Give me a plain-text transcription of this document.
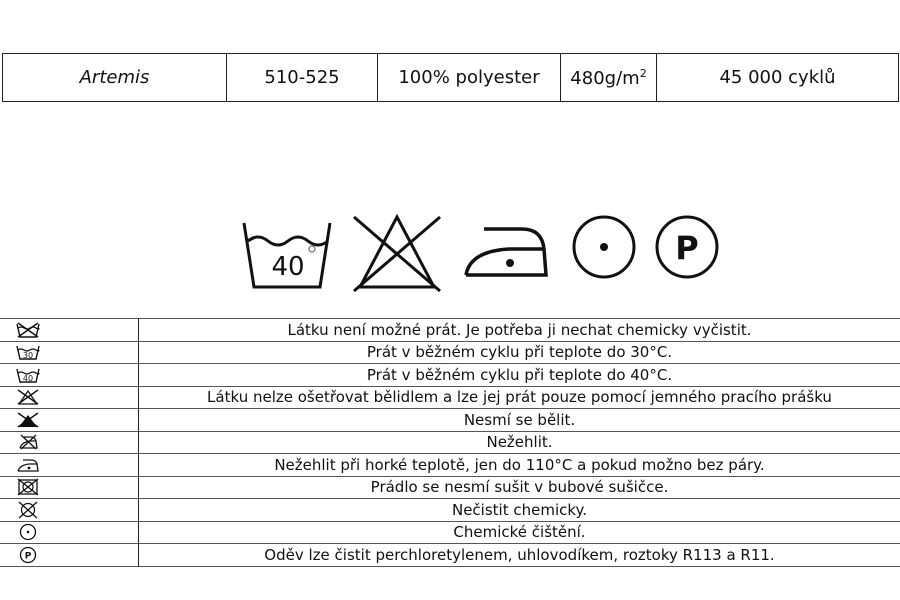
Artemis	510-525	100% polyester	$480g/m^2$	45 000 cyklů
40	P
	Látku není možné prát. Je potřeba ji nechat chemicky vyčistit.

30	Prát v běžném cyklu při teplote do 30°C.

40	Prát v běžném cyklu při teplote do 40°C.

	Látku nelze ošetřovat bělidlem a lze jej prát pouze pomocí jemného pracího prášku

	Nesmí se bělit.

	Nežehlit.

	Nežehlit při horké teplotě, jen do 110°C a pokud možno bez páry.

	Prádlo se nesmí sušit v bubové sušičce.

	Nečistit chemicky.

	Chemické čištění.

P	Oděv lze čistit perchloretylenem, uhlovodíkem, roztoky R113 a R11.
